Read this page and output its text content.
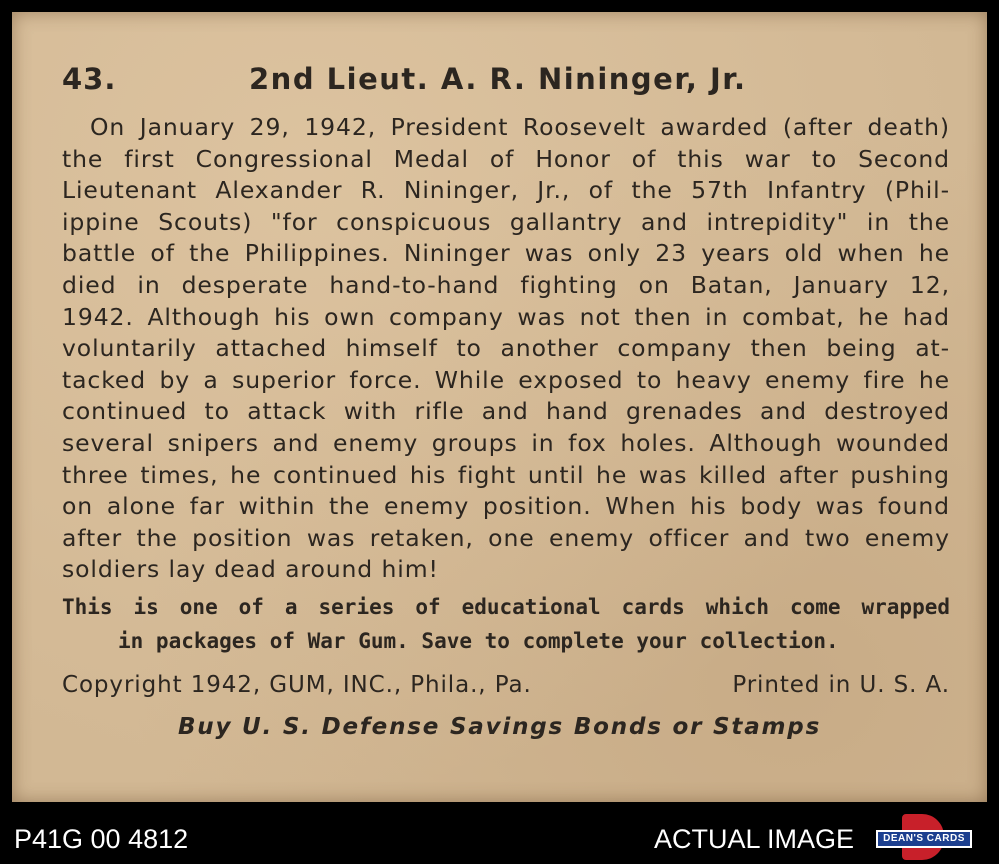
43.	2nd Lieut. A. R. Nininger, Jr.
On January 29, 1942, President Roosevelt awarded (after death)
the first Congressional Medal of Honor of this war to Second
Lieutenant Alexander R. Nininger, Jr., of the 57th Infantry (Phil-
ippine Scouts) "for conspicuous gallantry and intrepidity" in the
battle of the Philippines. Nininger was only 23 years old when he
died in desperate hand-to-hand fighting on Batan, January 12,
1942. Although his own company was not then in combat, he had
voluntarily attached himself to another company then being at-
tacked by a superior force. While exposed to heavy enemy fire he
continued to attack with rifle and hand grenades and destroyed
several snipers and enemy groups in fox holes. Although wounded
three times, he continued his fight until he was killed after pushing
on alone far within the enemy position. When his body was found
after the position was retaken, one enemy officer and two enemy
soldiers lay dead around him!
This is one of a series of educational cards which come wrapped
in packages of War Gum. Save to complete your collection.
Copyright 1942, GUM, INC., Phila., Pa.	Printed in U. S. A.
Buy U. S. Defense Savings Bonds or Stamps
P41G 00 4812	ACTUAL IMAGE	DEAN'S CARDS
